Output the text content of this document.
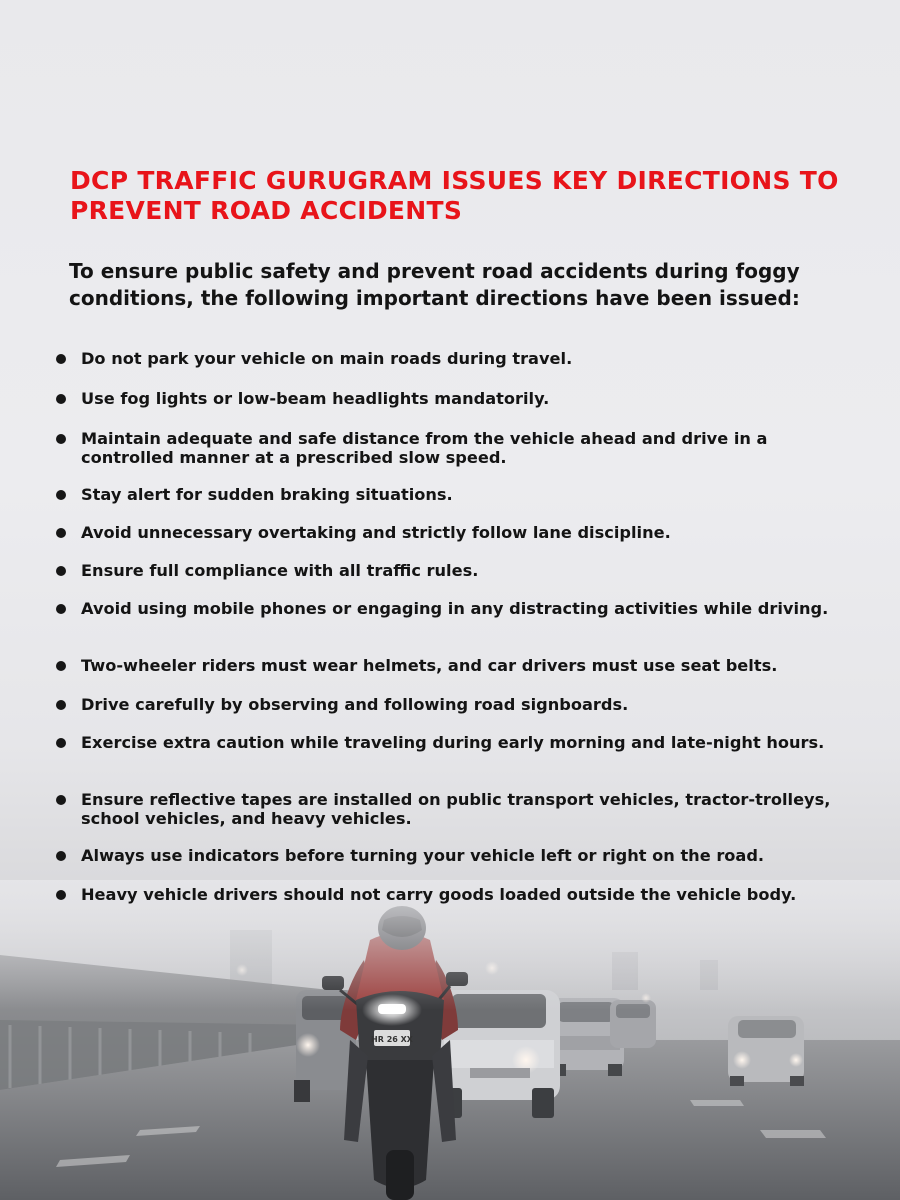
HR 26 XX
DCP TRAFFIC GURUGRAM ISSUES KEY DIRECTIONS TO PREVENT ROAD ACCIDENTS

To ensure public safety and prevent road accidents during foggy conditions, the following important directions have been issued:

Do not park your vehicle on main roads during travel.
Use fog lights or low-beam headlights mandatorily.
Maintain adequate and safe distance from the vehicle ahead and drive in a controlled manner at a prescribed slow speed.
Stay alert for sudden braking situations.
Avoid unnecessary overtaking and strictly follow lane discipline.
Ensure full compliance with all traffic rules.
Avoid using mobile phones or engaging in any distracting activities while driving.
Two-wheeler riders must wear helmets, and car drivers must use seat belts.
Drive carefully by observing and following road signboards.
Exercise extra caution while traveling during early morning and late-night hours.
Ensure reflective tapes are installed on public transport vehicles, tractor-trolleys, school vehicles, and heavy vehicles.
Always use indicators before turning your vehicle left or right on the road.
Heavy vehicle drivers should not carry goods loaded outside the vehicle body.
